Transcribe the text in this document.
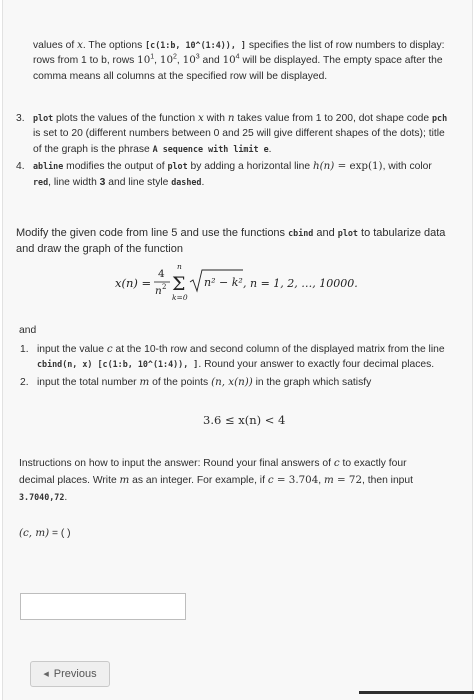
values of x. The options [c(1:b, 10^(1:4)), ] specifies the list of row numbers to display: rows from 1 to b, rows $10^1$, $10^2$, $10^3$ and $10^4$ will be displayed. The empty space after the comma means all columns at the specified row will be displayed.
3. plot plots the values of the function x with n takes value from 1 to 200, dot shape code pch is set to 20 (different numbers between 0 and 25 will give different shapes of the dots); title of the graph is the phrase A sequence with limit e.
4. abline modifies the output of plot by adding a horizontal line h(n) = exp(1), with color red, line width 3 and line style dashed.
Modify the given code from line 5 and use the functions cbind and plot to tabularize data and draw the graph of the function
x(n) =
4
n 2
n
Σ
k=0
n² − k² , n = 1, 2, …, 10000.
and
1. input the value c at the 10-th row and second column of the displayed matrix from the line cbind(n, x) [c(1:b, 10^(1:4)), ]. Round your answer to exactly four decimal places.
2. input the total number m of the points (n, x(n)) in the graph which satisfy
3.6 ≤ x(n) < 4
Instructions on how to input the answer: Round your final answers of c to exactly four decimal places. Write m as an integer. For example, if c = 3.704, m = 72, then input 3.7040,72.
(c, m) = ( )
◀ Previous
